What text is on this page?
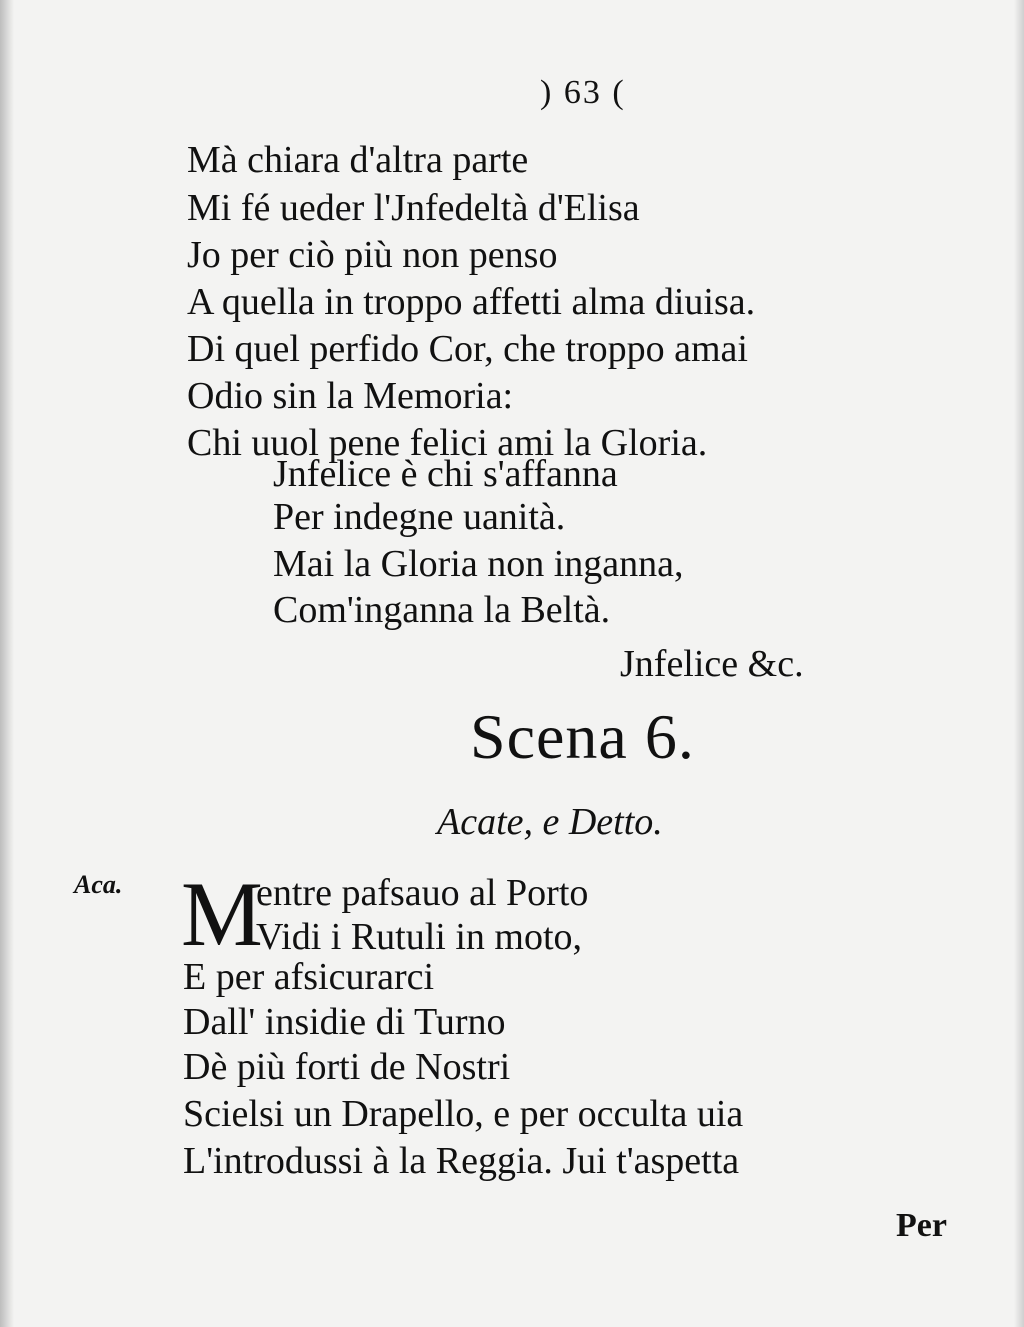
) 63 (
Mà chiara d'altra parte
Mi fé ueder l'Jnfedeltà d'Elisa
Jo per ciò più non penso
A quella in troppo affetti alma diuisa.
Di quel perfido Cor, che troppo amai
Odio sin la Memoria:
Chi uuol pene felici ami la Gloria.
Jnfelice è chi s'affanna
Per indegne uanità.
Mai la Gloria non inganna,
Com'inganna la Beltà.
Jnfelice &c.
Scena 6.
Acate, e Detto.
Aca. M
entre pafsauo al Porto
Vidi i Rutuli in moto,
E per afsicurarci
Dall' insidie di Turno
Dè più forti de Nostri
Scielsi un Drapello, e per occulta uia
L'introdussi à la Reggia. Jui t'aspetta
Per
